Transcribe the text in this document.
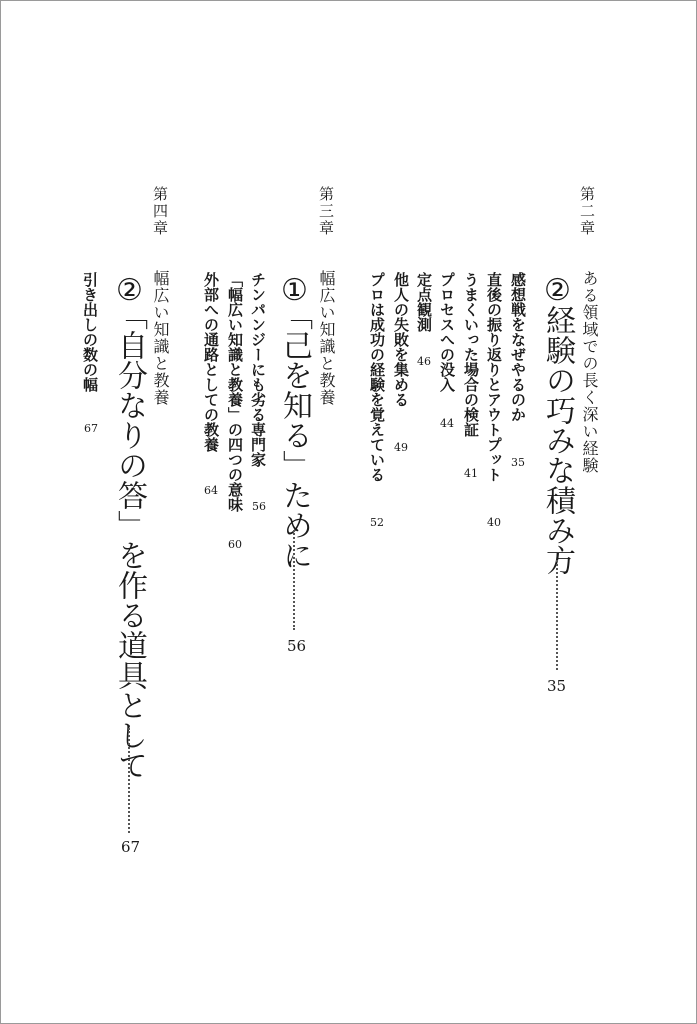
第二章
ある領域での長く深い経験
②
経験の巧みな積み方
35
感想戦をなぜやるのか
35
直後の振り返りとアウトプット
40
うまくいった場合の検証
41
プロセスへの没入
44
定点観測
46
他人の失敗を集める
49
プロは成功の経験を覚えている
52
第三章
幅広い知識と教養
①
「己を知る」ために
56
チンパンジーにも劣る専門家
56
「幅広い知識と教養」の四つの意味
60
外部への通路としての教養
64
第四章
幅広い知識と教養
②
「自分なりの答」を作る道具として
67
引き出しの数の幅
67
